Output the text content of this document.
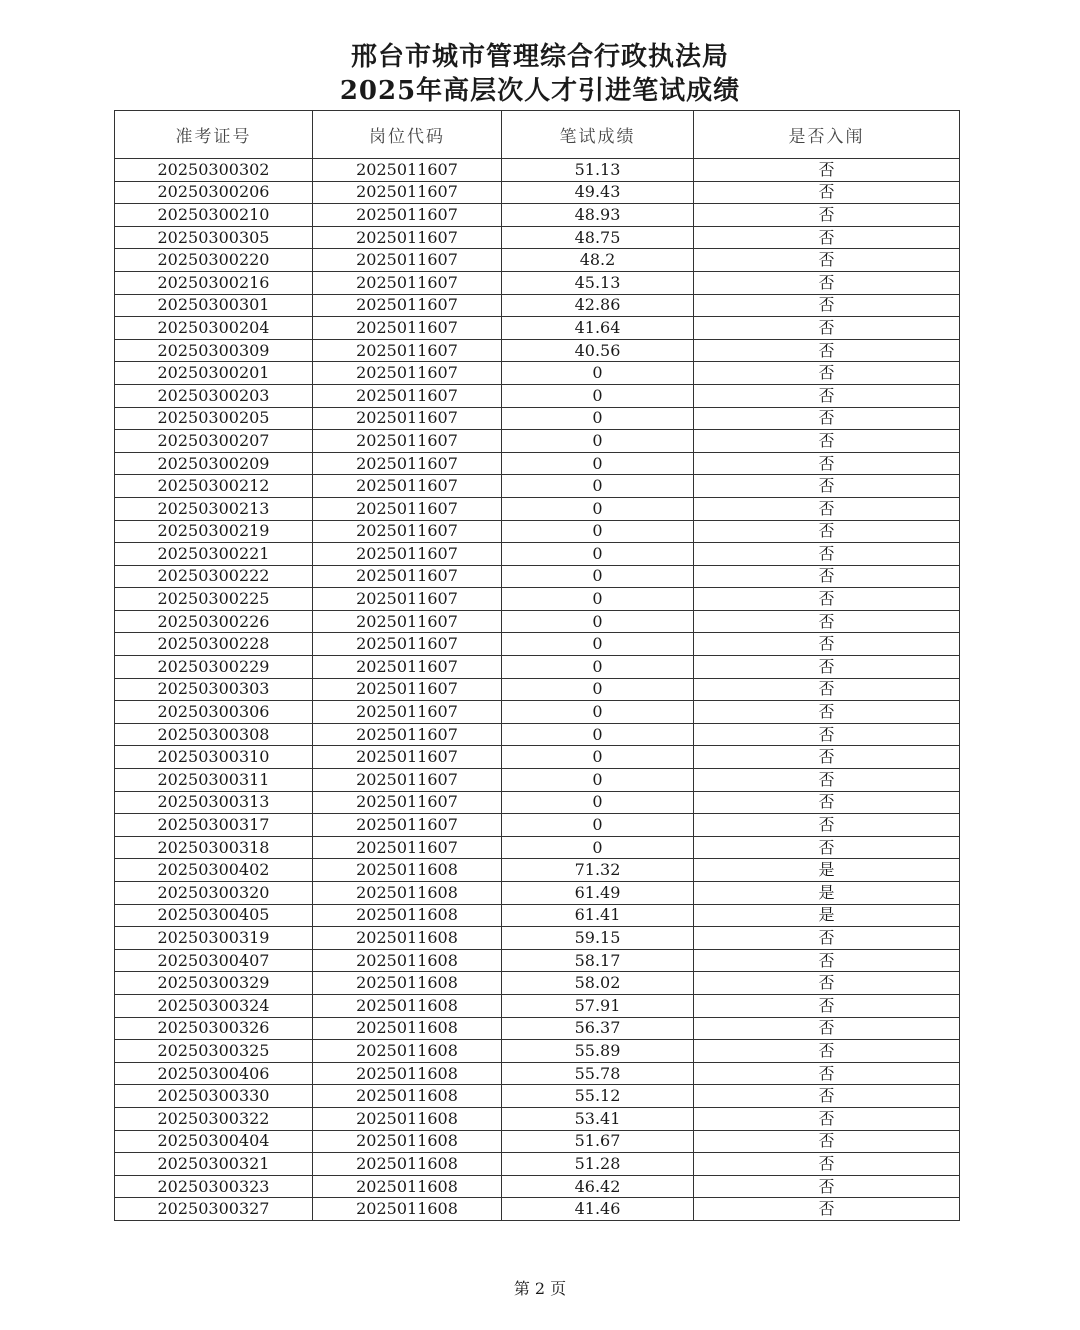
邢台市城市管理综合行政执法局
2025年高层次人才引进笔试成绩
准考证号	岗位代码	笔试成绩	是否入闱
20250300302	2025011607	51.13	否
20250300206	2025011607	49.43	否
20250300210	2025011607	48.93	否
20250300305	2025011607	48.75	否
20250300220	2025011607	48.2	否
20250300216	2025011607	45.13	否
20250300301	2025011607	42.86	否
20250300204	2025011607	41.64	否
20250300309	2025011607	40.56	否
20250300201	2025011607	0	否
20250300203	2025011607	0	否
20250300205	2025011607	0	否
20250300207	2025011607	0	否
20250300209	2025011607	0	否
20250300212	2025011607	0	否
20250300213	2025011607	0	否
20250300219	2025011607	0	否
20250300221	2025011607	0	否
20250300222	2025011607	0	否
20250300225	2025011607	0	否
20250300226	2025011607	0	否
20250300228	2025011607	0	否
20250300229	2025011607	0	否
20250300303	2025011607	0	否
20250300306	2025011607	0	否
20250300308	2025011607	0	否
20250300310	2025011607	0	否
20250300311	2025011607	0	否
20250300313	2025011607	0	否
20250300317	2025011607	0	否
20250300318	2025011607	0	否
20250300402	2025011608	71.32	是
20250300320	2025011608	61.49	是
20250300405	2025011608	61.41	是
20250300319	2025011608	59.15	否
20250300407	2025011608	58.17	否
20250300329	2025011608	58.02	否
20250300324	2025011608	57.91	否
20250300326	2025011608	56.37	否
20250300325	2025011608	55.89	否
20250300406	2025011608	55.78	否
20250300330	2025011608	55.12	否
20250300322	2025011608	53.41	否
20250300404	2025011608	51.67	否
20250300321	2025011608	51.28	否
20250300323	2025011608	46.42	否
20250300327	2025011608	41.46	否

第 2 页
